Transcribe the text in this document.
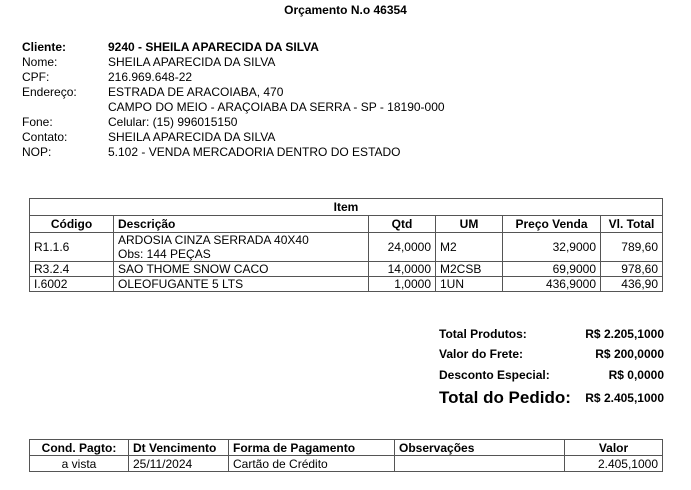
Orçamento N.o 46354
Cliente:	9240 - SHEILA APARECIDA DA SILVA
Nome:	SHEILA APARECIDA DA SILVA
CPF:	216.969.648-22
Endereço:	ESTRADA DE ARACOIABA, 470
CAMPO DO MEIO - ARAÇOIABA DA SERRA - SP - 18190-000
Fone:	Celular: (15) 996015150
Contato:	SHEILA APARECIDA DA SILVA
NOP:	5.102 - VENDA MERCADORIA DENTRO DO ESTADO
Item					
Código	Descrição	Qtd	UM	Preço Venda	Vl. Total
R1.1.6	ARDOSIA CINZA SERRADA 40X40
Obs: 144 PEÇAS	24,0000	M2	32,9000	789,60
R3.2.4	SAO THOME SNOW CACO	14,0000	M2CSB	69,9000	978,60
I.6002	OLEOFUGANTE 5 LTS	1,0000	1UN	436,9000	436,90
Total Produtos:	R$ 2.205,1000
Valor do Frete:	R$ 200,0000
Desconto Especial:	R$ 0,0000
Total do Pedido: R$ 2.405,1000
Cond. Pagto:	Dt Vencimento	Forma de Pagamento	Observações	Valor
a vista	25/11/2024	Cartão de Crédito		2.405,1000
